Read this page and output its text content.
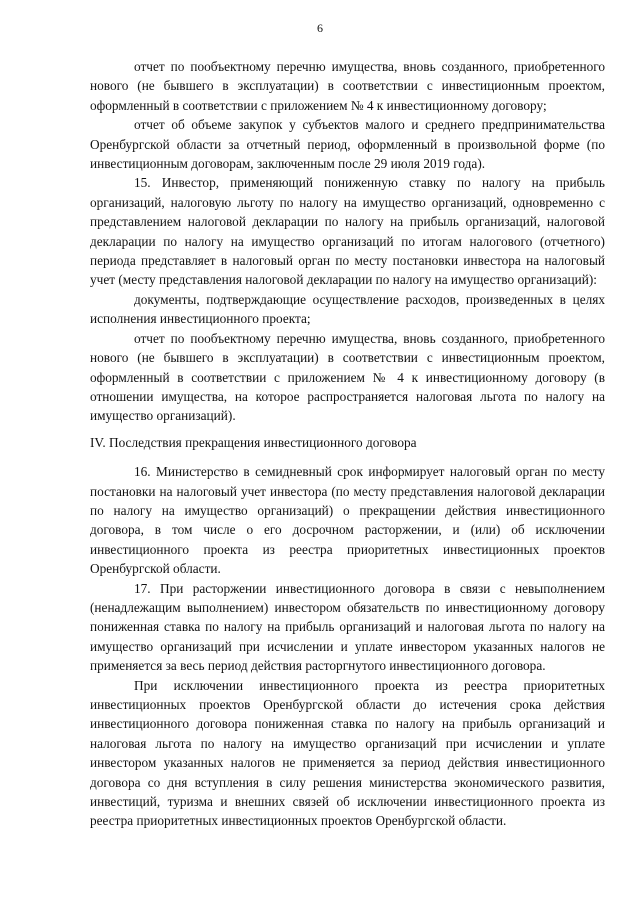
6

отчет по пообъектному перечню имущества, вновь созданного, приобретенного нового (не бывшего в эксплуатации) в соответствии с инвестиционным проектом, оформленный в соответствии с приложением № 4 к инвестиционному договору;

отчет об объеме закупок у субъектов малого и среднего предпринимательства Оренбургской области за отчетный период, оформленный в произвольной форме (по инвестиционным договорам, заключенным после 29 июля 2019 года).

15. Инвестор, применяющий пониженную ставку по налогу на прибыль организаций, налоговую льготу по налогу на имущество организаций, одновременно с представлением налоговой декларации по налогу на прибыль организаций, налоговой декларации по налогу на имущество организаций по итогам налогового (отчетного) периода представляет в налоговый орган по месту постановки инвестора на налоговый учет (месту представления налоговой декларации по налогу на имущество организаций):

документы, подтверждающие осуществление расходов, произведенных в целях исполнения инвестиционного проекта;

отчет по пообъектному перечню имущества, вновь созданного, приобретенного нового (не бывшего в эксплуатации) в соответствии с инвестиционным проектом, оформленный в соответствии с приложением № 4 к инвестиционному договору (в отношении имущества, на которое распространяется налоговая льгота по налогу на имущество организаций).

IV. Последствия прекращения инвестиционного договора

16. Министерство в семидневный срок информирует налоговый орган по месту постановки на налоговый учет инвестора (по месту представления налоговой декларации по налогу на имущество организаций) о прекращении действия инвестиционного договора, в том числе о его досрочном расторжении, и (или) об исключении инвестиционного проекта из реестра приоритетных инвестиционных проектов Оренбургской области.

17. При расторжении инвестиционного договора в связи с невыполнением (ненадлежащим выполнением) инвестором обязательств по инвестиционному договору пониженная ставка по налогу на прибыль организаций и налоговая льгота по налогу на имущество организаций при исчислении и уплате инвестором указанных налогов не применяется за весь период действия расторгнутого инвестиционного договора.

При исключении инвестиционного проекта из реестра приоритетных инвестиционных проектов Оренбургской области до истечения срока действия инвестиционного договора пониженная ставка по налогу на прибыль организаций и налоговая льгота по налогу на имущество организаций при исчислении и уплате инвестором указанных налогов не применяется за период действия инвестиционного договора со дня вступления в силу решения министерства экономического развития, инвестиций, туризма и внешних связей об исключении инвестиционного проекта из реестра приоритетных инвестиционных проектов Оренбургской области.
